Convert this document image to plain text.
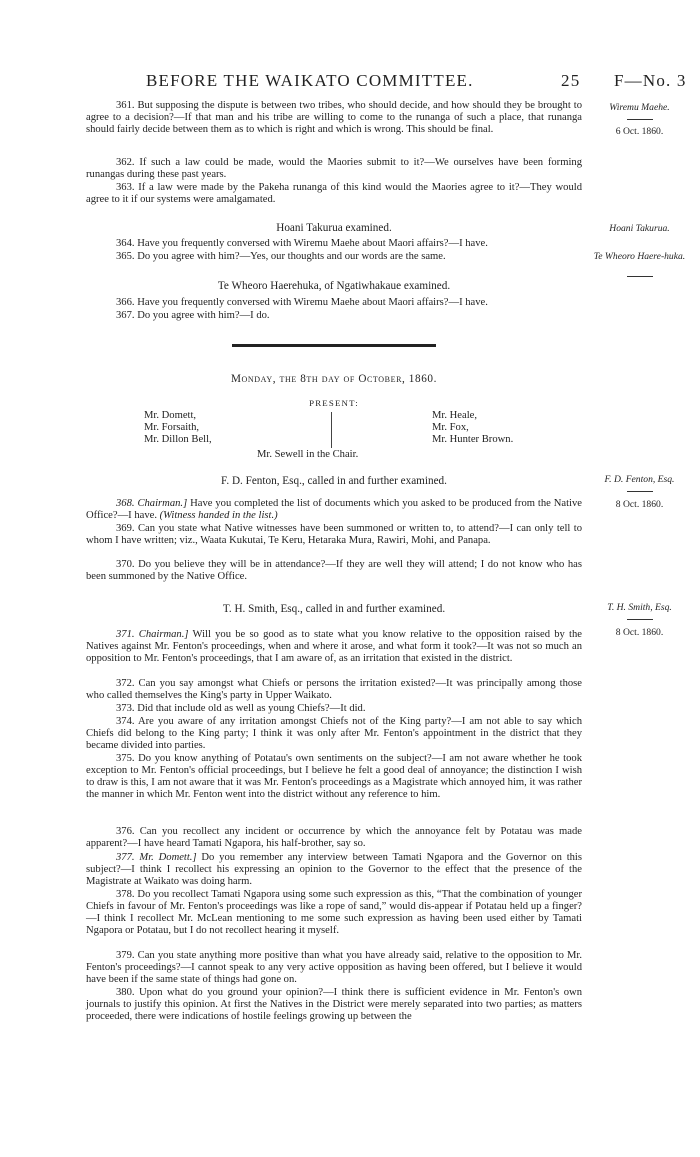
BEFORE THE WAIKATO COMMITTEE.	25 F—No. 3
Wiremu Maehe.
6 Oct. 1860.
Hoani Takurua.
Te Wheoro Haere-huka.
F. D. Fenton, Esq.
8 Oct. 1860.
T. H. Smith, Esq.
8 Oct. 1860.

361. But supposing the dispute is between two tribes, who should decide, and how should they be brought to agree to a decision?—If that man and his tribe are willing to come to the runanga of such a place, that runanga should fairly decide between them as to which is right and which is wrong. This should be final.

362. If such a law could be made, would the Maories submit to it?—We ourselves have been forming runangas during these past years.

363. If a law were made by the Pakeha runanga of this kind would the Maories agree to it?—They would agree to it if our systems were amalgamated.

Hoani Takurua examined.

364. Have you frequently conversed with Wiremu Maehe about Maori affairs?—I have.

365. Do you agree with him?—Yes, our thoughts and our words are the same.

Te Wheoro Haerehuka, of Ngatiwhakaue examined.

366. Have you frequently conversed with Wiremu Maehe about Maori affairs?—I have.

367. Do you agree with him?—I do.

Monday, the 8th day of October, 1860.
PRESENT:
Mr. Domett,
Mr. Forsaith,
Mr. Dillon Bell,
Mr. Heale,
Mr. Fox,
Mr. Hunter Brown.
Mr. Sewell in the Chair.
F. D. Fenton, Esq., called in and further examined.

368. Chairman.] Have you completed the list of documents which you asked to be produced from the Native Office?—I have. (Witness handed in the list.)

369. Can you state what Native witnesses have been summoned or written to, to attend?—I can only tell to whom I have written; viz., Waata Kukutai, Te Keru, Hetaraka Mura, Rawiri, Mohi, and Panapa.

370. Do you believe they will be in attendance?—If they are well they will attend; I do not know who has been summoned by the Native Office.

T. H. Smith, Esq., called in and further examined.

371. Chairman.] Will you be so good as to state what you know relative to the opposition raised by the Natives against Mr. Fenton's proceedings, when and where it arose, and what form it took?—It was not so much an opposition to Mr. Fenton's proceedings, that I am aware of, as an irritation that existed in the district.

372. Can you say amongst what Chiefs or persons the irritation existed?—It was principally among those who called themselves the King's party in Upper Waikato.

373. Did that include old as well as young Chiefs?—It did.

374. Are you aware of any irritation amongst Chiefs not of the King party?—I am not able to say which Chiefs did belong to the King party; I think it was only after Mr. Fenton's appointment in the district that they became divided into parties.

375. Do you know anything of Potatau's own sentiments on the subject?—I am not aware whether he took exception to Mr. Fenton's official proceedings, but I believe he felt a good deal of annoyance; the distinction I wish to draw is this, I am not aware that it was Mr. Fenton's proceedings as a Magistrate which annoyed him, it was rather the manner in which Mr. Fenton went into the district without any reference to him.

376. Can you recollect any incident or occurrence by which the annoyance felt by Potatau was made apparent?—I have heard Tamati Ngapora, his half-brother, say so.

377. Mr. Domett.] Do you remember any interview between Tamati Ngapora and the Governor on this subject?—I think I recollect his expressing an opinion to the Governor to the effect that the presence of the Magistrate at Waikato was doing harm.

378. Do you recollect Tamati Ngapora using some such expression as this, “That the combination of younger Chiefs in favour of Mr. Fenton's proceedings was like a rope of sand,” would dis-appear if Potatau held up a finger?—I think I recollect Mr. McLean mentioning to me some such expression as having been used either by Tamati Ngapora or Potatau, but I do not recollect hearing it myself.

379. Can you state anything more positive than what you have already said, relative to the opposition to Mr. Fenton's proceedings?—I cannot speak to any very active opposition as having been offered, but I believe it would have been if the same state of things had gone on.

380. Upon what do you ground your opinion?—I think there is sufficient evidence in Mr. Fenton's own journals to justify this opinion. At first the Natives in the District were merely separated into two parties; as matters proceeded, there were indications of hostile feelings growing up between the
